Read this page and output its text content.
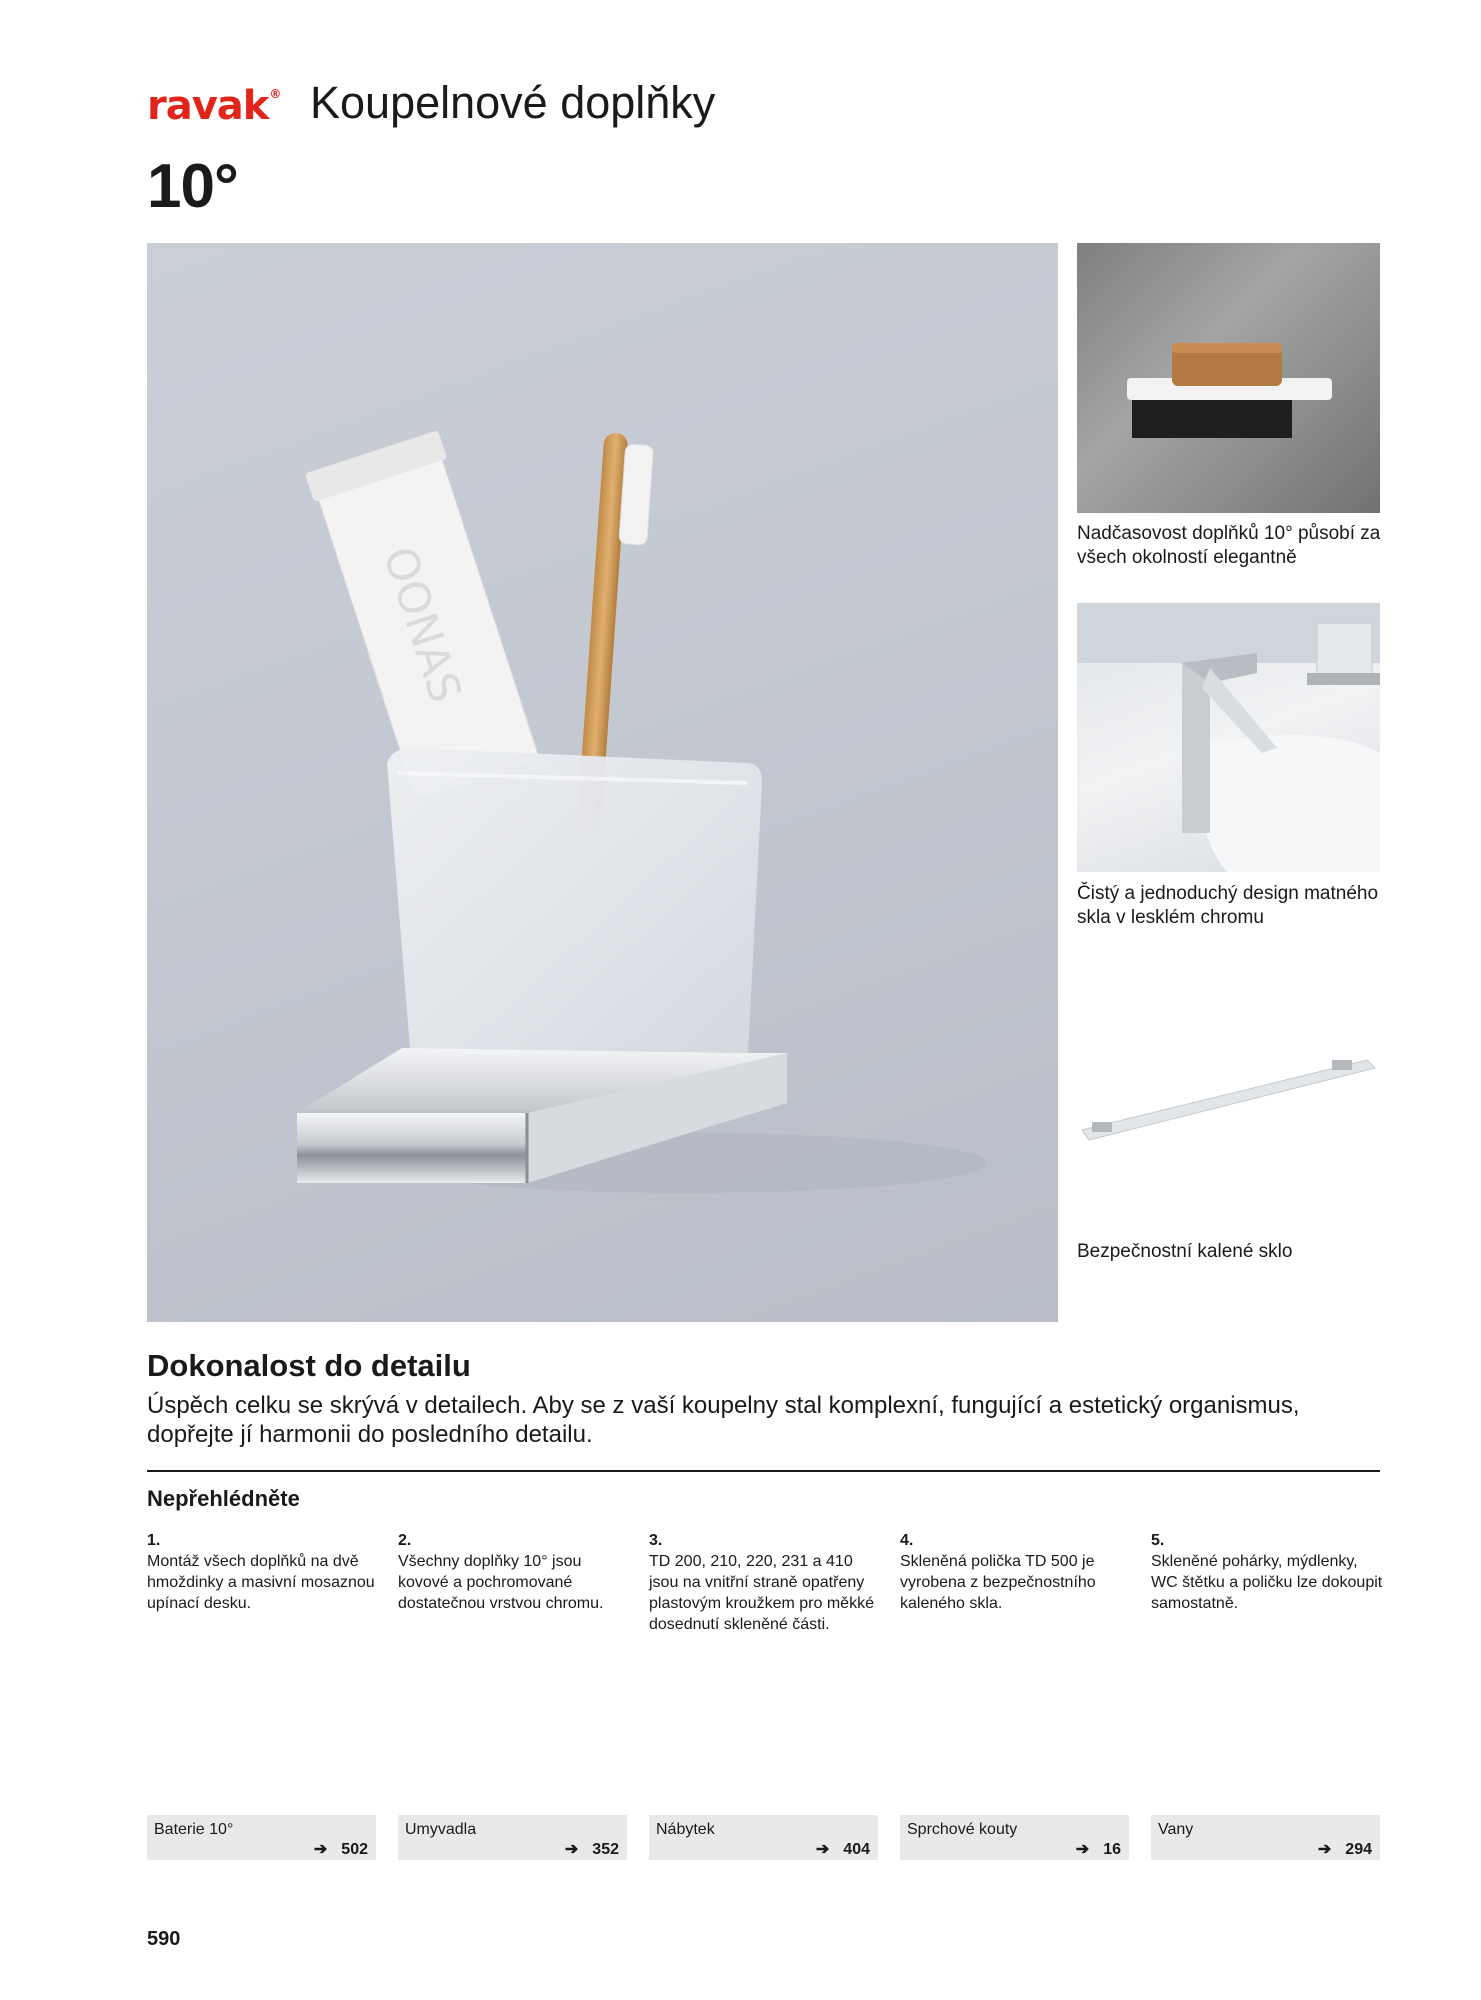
ravak® Koupelnové doplňky
10°
OONAS
Nadčasovost doplňků 10° působí za všech okolností elegantně
Čistý a jednoduchý design matného skla v lesklém chromu
Bezpečnostní kalené sklo
Dokonalost do detailu
Úspěch celku se skrývá v detailech. Aby se z vaší koupelny stal komplexní, fungující a estetický organismus, dopřejte jí harmonii do posledního detailu.
Nepřehlédněte
1.
Montáž všech doplňků na dvě hmoždinky a masivní mosaznou upínací desku.
2.
Všechny doplňky 10° jsou kovové a pochromované dostatečnou vrstvou chromu.
3.
TD 200, 210, 220, 231 a 410 jsou na vnitřní straně opatřeny plastovým kroužkem pro měkké dosednutí skleněné části.
4.
Skleněná polička TD 500 je vyrobena z bezpečnostního kaleného skla.
5.
Skleněné pohárky, mýdlenky, WC štětku a poličku lze dokoupit samostatně.
Baterie 10°
➔ 502
Umyvadla
➔ 352
Nábytek
➔ 404
Sprchové kouty
➔ 16
Vany
➔ 294
590
